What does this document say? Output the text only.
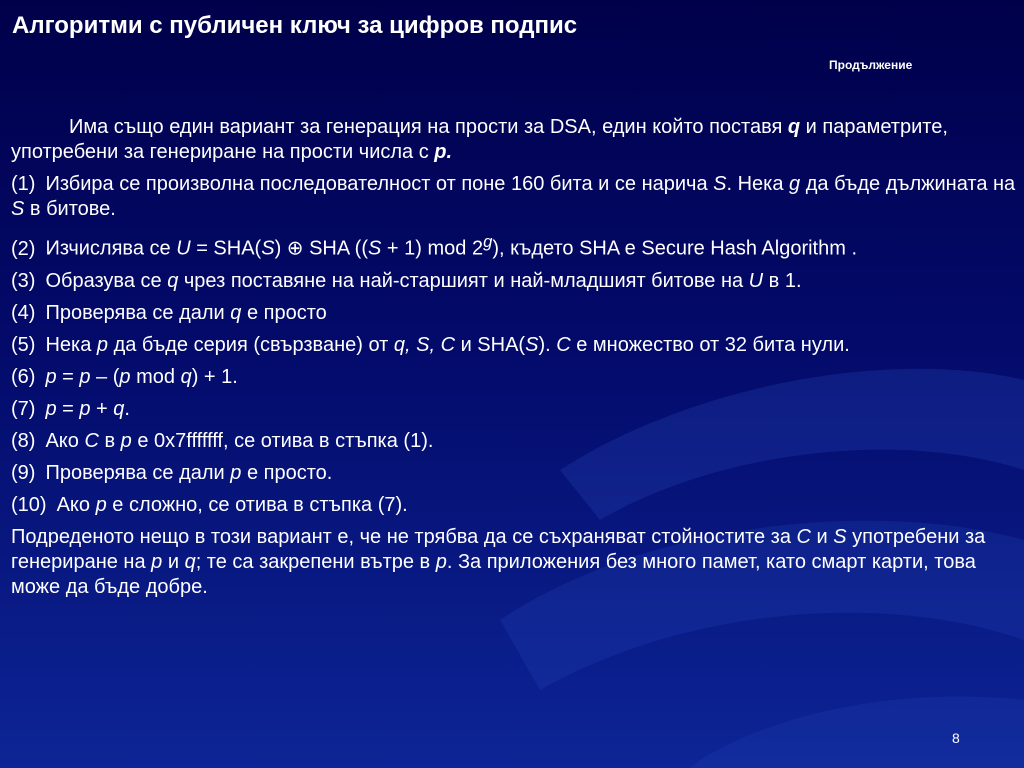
Алгоритми с публичен ключ за цифров подпис
Продължение

Има също един вариант за генерация на прости за DSA, един който поставя q и параметрите, употребени за генериране на прости числа с p.

(1) Избира се произволна последователност от поне 160 бита и се нарича S. Нека g да бъде дължината на S в битове.

(2) Изчислява се U = SHA(S) ⊕ SHA ((S + 1) mod 2$^g$), където SHA е Secure Hash Algorithm .

(3) Образува се q чрез поставяне на най-старшият и най-младшият битове на U в 1.

(4) Проверява се дали q е просто

(5) Нека p да бъде серия (свързване) от q, S, C и SHA(S). C е множество от 32 бита нули.

(6) p = p – (p mod q) + 1.

(7) p = p + q.

(8) Ако C в p е 0x7fffffff, се отива в стъпка (1).

(9) Проверява се дали p е просто.

(10) Ако p е сложно, се отива в стъпка (7).

Подреденото нещо в този вариант е, че не трябва да се съхраняват стойностите за C и S употребени за генериране на p и q; те са закрепени вътре в p. За приложения без много памет, като смарт карти, това може да бъде добре.

8
